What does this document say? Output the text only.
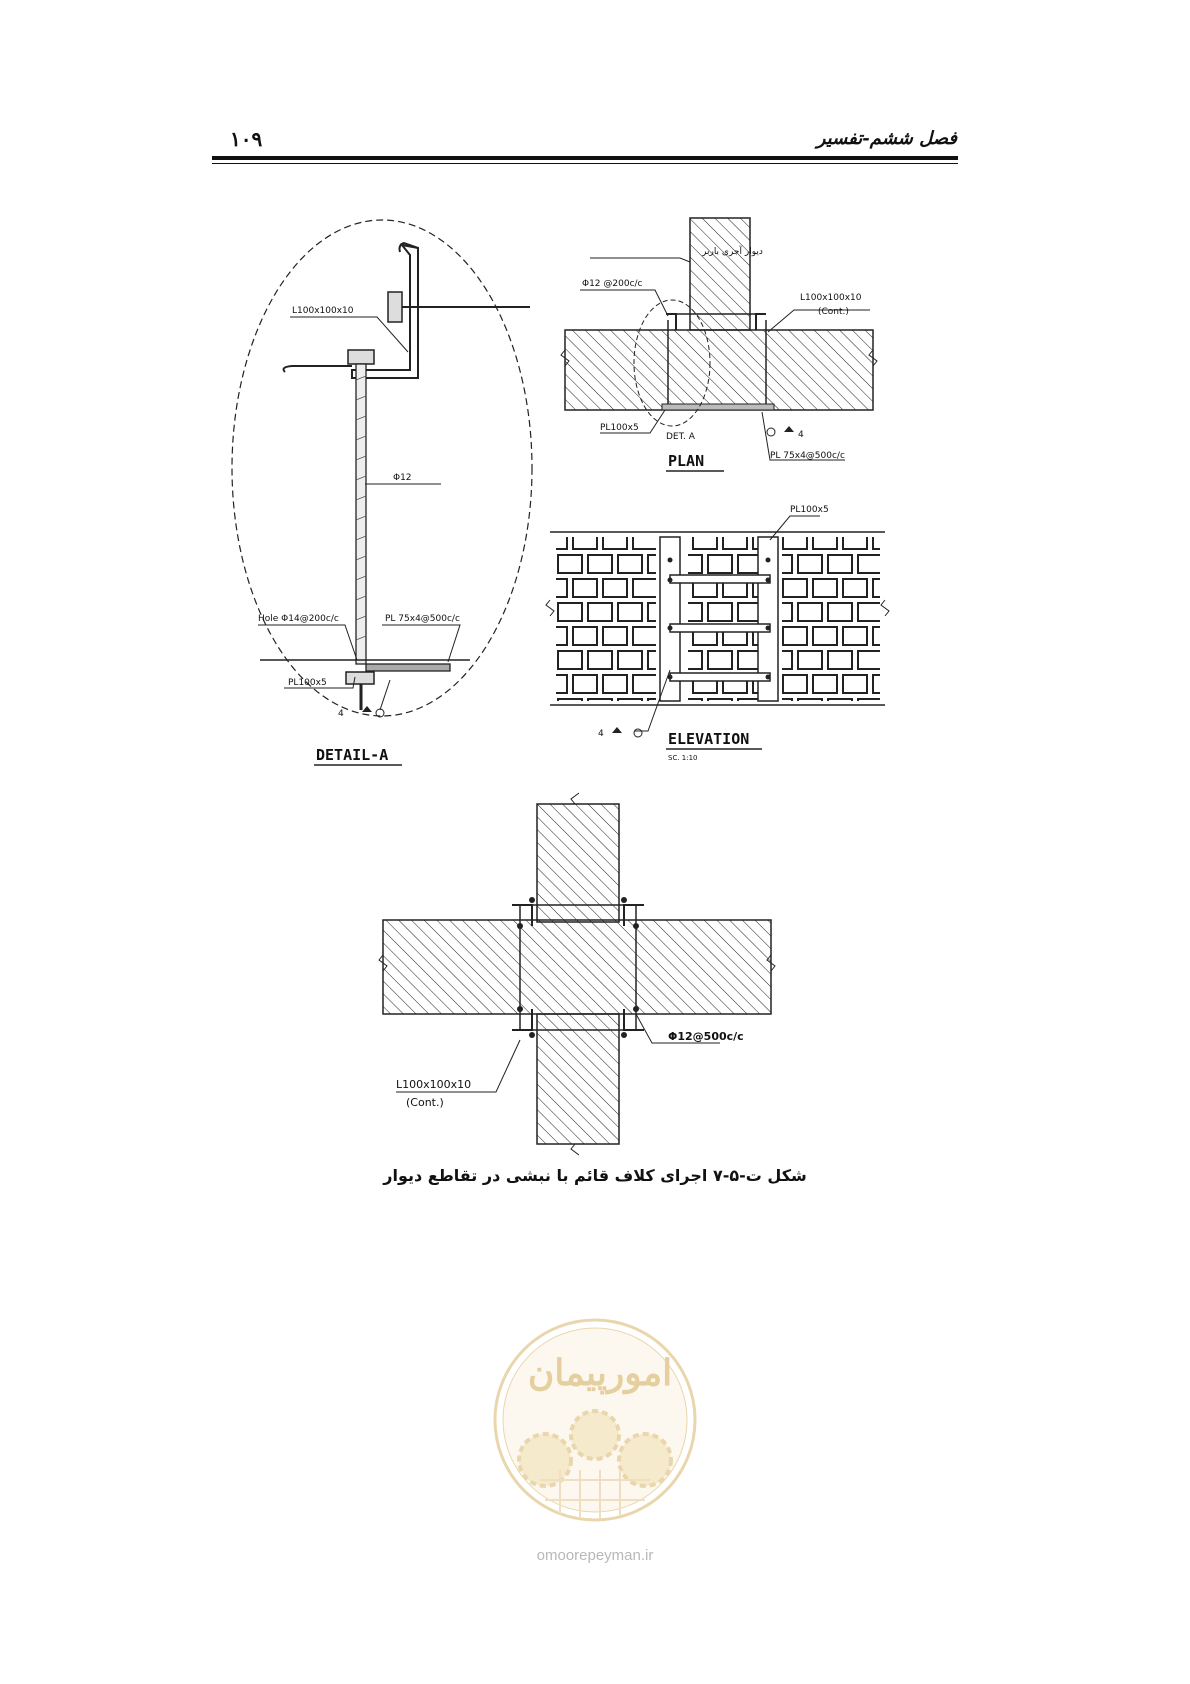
فصل ششم-تفسیر
۱۰۹
L100x100x10
Φ12
Hole Φ14@200c/c	PL 75x4@500c/c
PL100x5
4
DETAIL-A
دیوار آجری باربر
Φ12 @200c/c
L100x100x10
(Cont.)
PL100x5
DET. A
PL 75x4@500c/c
4
PLAN
PL100x5
4	ELEVATION
SC. 1:10
Φ12@500c/c
L100x100x10
(Cont.)
امورپیمان
شکل ت-۵-۷ اجرای کلاف قائم با نبشی در تقاطع دیوار
omoorepeyman.ir
